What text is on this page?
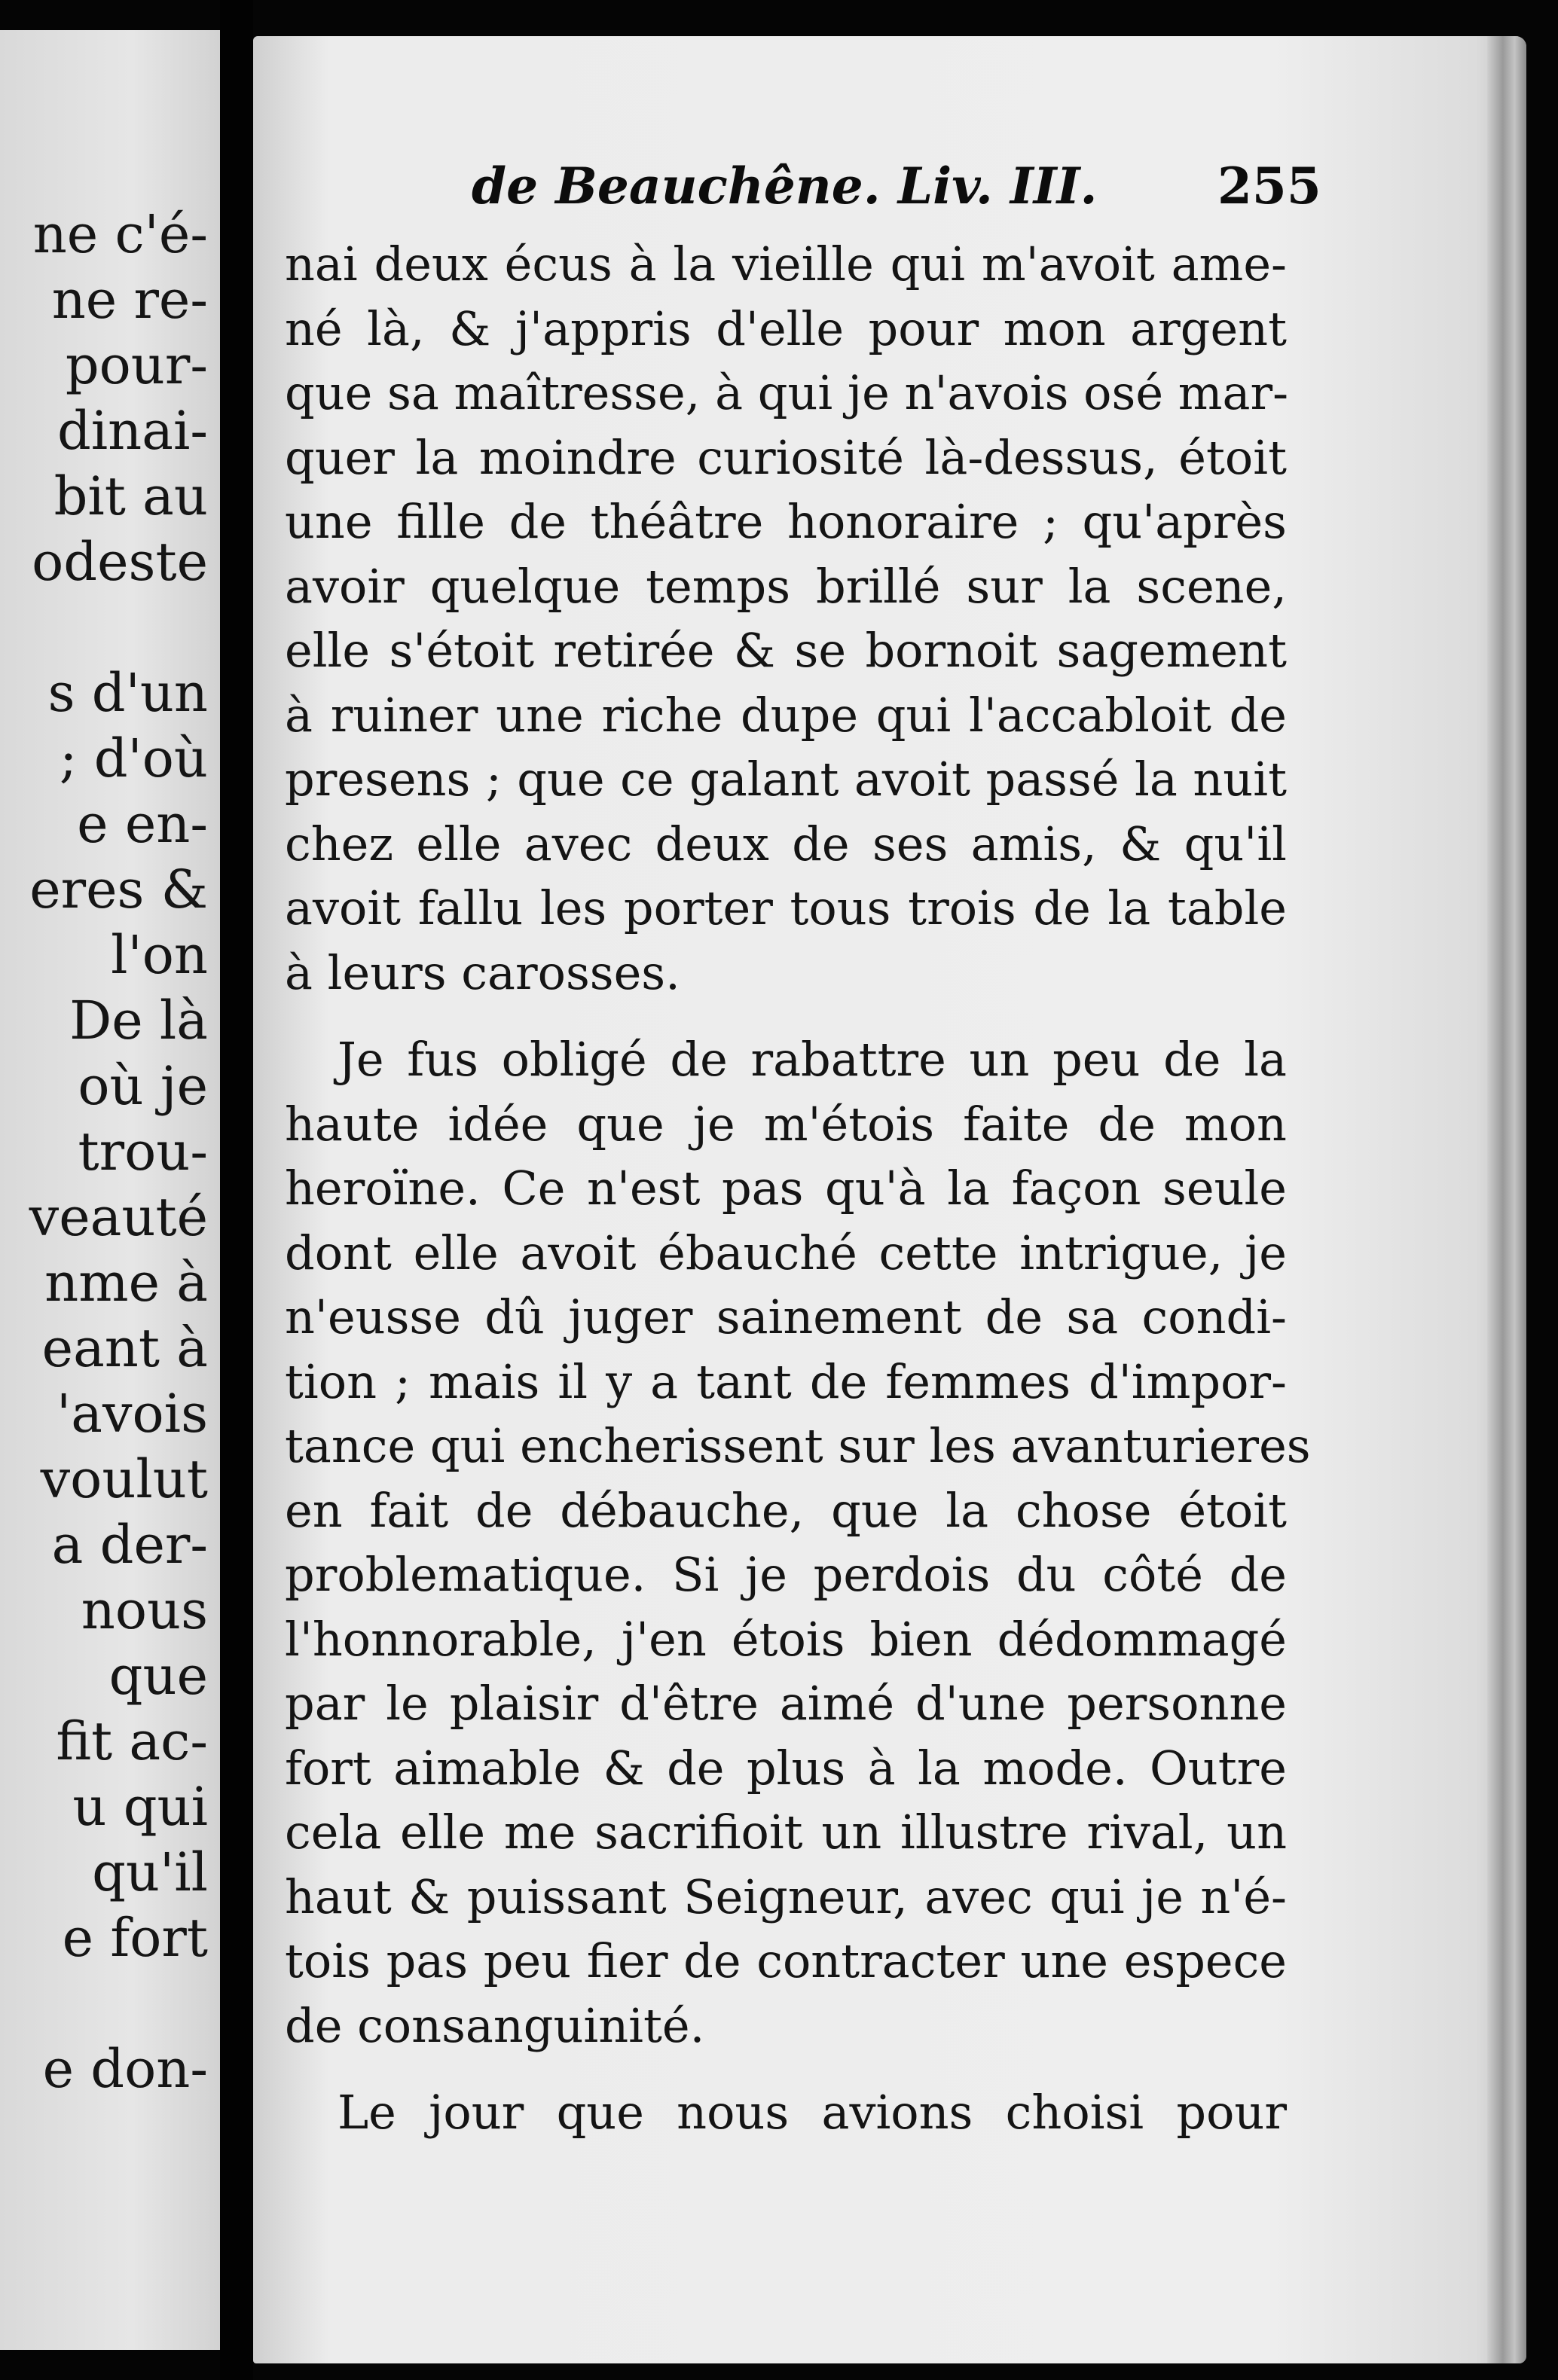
ne c'é-
ne re-
pour-
dinai-
bit au
odeste
s d'un
; d'où
e en-
eres &
l'on
De là
où je
trou-
veauté
nme à
eant à
'avois
voulut
a der-
nous
que
fit ac-
u qui
qu'il
e fort
e don-
de Beauchêne. Liv. III. 255
nai deux écus à la vieille qui m'avoit ame-
né là, & j'appris d'elle pour mon argent
que sa maîtresse, à qui je n'avois osé mar-
quer la moindre curiosité là-dessus, étoit
une fille de théâtre honoraire ; qu'après
avoir quelque temps brillé sur la scene,
elle s'étoit retirée & se bornoit sagement
à ruiner une riche dupe qui l'accabloit de
presens ; que ce galant avoit passé la nuit
chez elle avec deux de ses amis, & qu'il
avoit fallu les porter tous trois de la table
à leurs carosses.
Je fus obligé de rabattre un peu de la
haute idée que je m'étois faite de mon
heroïne. Ce n'est pas qu'à la façon seule
dont elle avoit ébauché cette intrigue, je
n'eusse dû juger sainement de sa condi-
tion ; mais il y a tant de femmes d'impor-
tance qui encherissent sur les avanturieres
en fait de débauche, que la chose étoit
problematique. Si je perdois du côté de
l'honnorable, j'en étois bien dédommagé
par le plaisir d'être aimé d'une personne
fort aimable & de plus à la mode. Outre
cela elle me sacrifioit un illustre rival, un
haut & puissant Seigneur, avec qui je n'é-
tois pas peu fier de contracter une espece
de consanguinité.
Le jour que nous avions choisi pour
